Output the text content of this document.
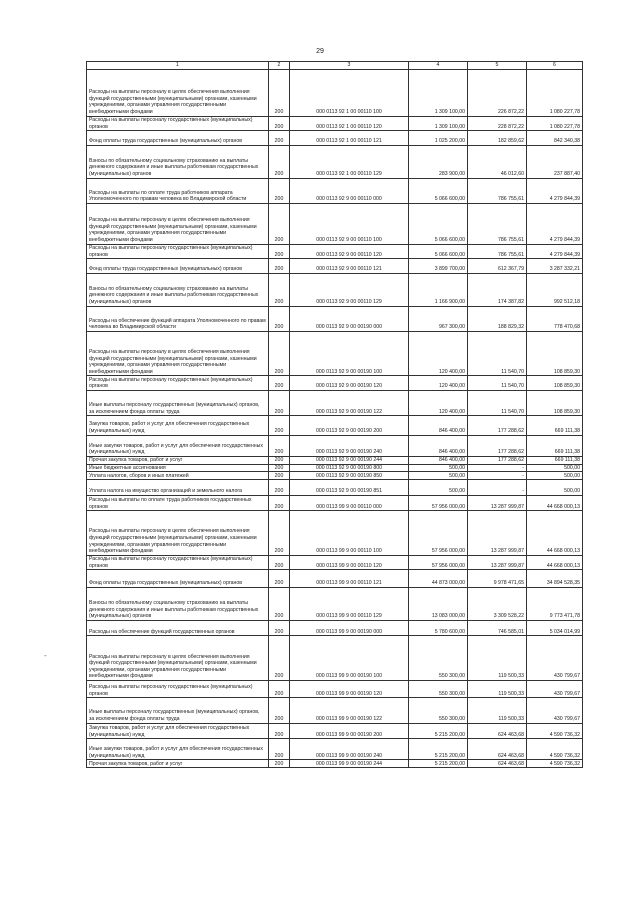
29
1	2	3	4	5	6
Расходы на выплаты персоналу в целях обеспечения выполнения функций государственными (муниципальными) органами, казенными учреждениями, органами управления государственными внебюджетными фондами	200	000 0113 92 1 00 00110 100	1 309 100,00	226 872,22	1 080 227,78
Расходы на выплаты персоналу государственных (муниципальных) органов	200	000 0113 92 1 00 00110 120	1 309 100,00	228 872,22	1 080 227,78
Фонд оплаты труда государственных (муниципальных) органов	200	000 0113 92 1 00 00110 121	1 025 200,00	182 859,62	842 340,38
Взносы по обязательному социальному страхованию на выплаты денежного содержания и иные выплаты работникам государственных (муниципальных) органов	200	000 0113 92 1 00 00110 129	283 900,00	46 012,60	237 887,40
Расходы на выплаты по оплате труда работников аппарата Уполномоченного по правам человека во Владимирской области	200	000 0113 92 9 00 00110 000	5 066 600,00	786 755,61	4 279 844,39
Расходы на выплаты персоналу в целях обеспечения выполнения функций государственными (муниципальными) органами, казенными учреждениями, органами управления государственными внебюджетными фондами	200	000 0113 92 9 00 00110 100	5 066 600,00	786 755,61	4 279 844,39
Расходы на выплаты персоналу государственных (муниципальных) органов	200	000 0113 92 9 00 00110 120	5 066 600,00	786 755,61	4 279 844,39
Фонд оплаты труда государственных (муниципальных) органов	200	000 0113 92 9 00 00110 121	3 899 700,00	612 367,79	3 287 332,21
Взносы по обязательному социальному страхованию на выплаты денежного содержания и иные выплаты работникам государственных (муниципальных) органов	200	000 0113 92 9 00 00110 129	1 166 900,00	174 387,82	992 512,18
Расходы на обеспечение функций аппарата Уполномоченного по правам человека во Владимирской области	200	000 0113 92 9 00 00190 000	967 300,00	188 829,32	778 470,68
Расходы на выплаты персоналу в целях обеспечения выполнения функций государственными (муниципальными) органами, казенными учреждениями, органами управления государственными внебюджетными фондами	200	000 0113 92 9 00 00190 100	120 400,00	11 540,70	108 859,30
Расходы на выплаты персоналу государственных (муниципальных) органов	200	000 0113 92 9 00 00190 120	120 400,00	11 540,70	108 859,30
Иные выплаты персоналу государственных (муниципальных) органов, за исключением фонда оплаты труда	200	000 0113 92 9 00 00190 122	120 400,00	11 540,70	108 859,30
Закупка товаров, работ и услуг для обеспечения государственных (муниципальных) нужд	200	000 0113 92 9 00 00190 200	846 400,00	177 288,62	669 111,38
Иные закупки товаров, работ и услуг для обеспечения государственных (муниципальных) нужд	200	000 0113 92 9 00 00190 240	846 400,00	177 288,62	669 111,38
Прочая закупка товаров, работ и услуг	200	000 0113 92 9 00 00190 244	846 400,00	177 288,62	669 111,38
Иные бюджетные ассигнования	200	000 0113 92 9 00 00190 800	500,00	-	500,00
Уплата налогов, сборов и иных платежей	200	000 0113 92 9 00 00190 850	500,00	-	500,00
Уплата налога на имущество организаций и земельного налога	200	000 0113 92 9 00 00190 851	500,00	-	500,00
Расходы на выплаты по оплате труда работников государственных органов	200	000 0113 99 9 00 00110 000	57 956 000,00	13 287 999,87	44 668 000,13
Расходы на выплаты персоналу в целях обеспечения выполнения функций государственными (муниципальными) органами, казенными учреждениями, органами управления государственными внебюджетными фондами	200	000 0113 99 9 00 00110 100	57 956 000,00	13 287 999,87	44 668 000,13
Расходы на выплаты персоналу государственных (муниципальных) органов	200	000 0113 99 9 00 00110 120	57 956 000,00	13 287 999,87	44 668 000,13
Фонд оплаты труда государственных (муниципальных) органов	200	000 0113 99 9 00 00110 121	44 873 000,00	9 978 471,65	34 894 528,35
Взносы по обязательному социальному страхованию на выплаты денежного содержания и иные выплаты работникам государственных (муниципальных) органов	200	000 0113 99 9 00 00110 129	13 083 000,00	3 309 528,22	9 773 471,78
Расходы на обеспечение функций государственных органов	200	000 0113 99 9 00 00190 000	5 780 600,00	746 585,01	5 034 014,99
Расходы на выплаты персоналу в целях обеспечения выполнения функций государственными (муниципальными) органами, казенными учреждениями, органами управления государственными внебюджетными фондами	200	000 0113 99 9 00 00190 100	550 300,00	119 500,33	430 799,67
Расходы на выплаты персоналу государственных (муниципальных) органов	200	000 0113 99 9 00 00190 120	550 300,00	119 500,33	430 799,67
Иные выплаты персоналу государственных (муниципальных) органов, за исключением фонда оплаты труда	200	000 0113 99 9 00 00190 122	550 300,00	119 500,33	430 799,67
Закупка товаров, работ и услуг для обеспечения государственных (муниципальных) нужд	200	000 0113 99 9 00 00190 200	5 215 200,00	624 463,68	4 590 736,32
Иные закупки товаров, работ и услуг для обеспечения государственных (муниципальных) нужд	200	000 0113 99 9 00 00190 240	5 215 200,00	624 463,68	4 590 736,32
Прочая закупка товаров, работ и услуг	200	000 0113 99 9 00 00190 244	5 215 200,00	624 463,68	4 590 736,32
-
